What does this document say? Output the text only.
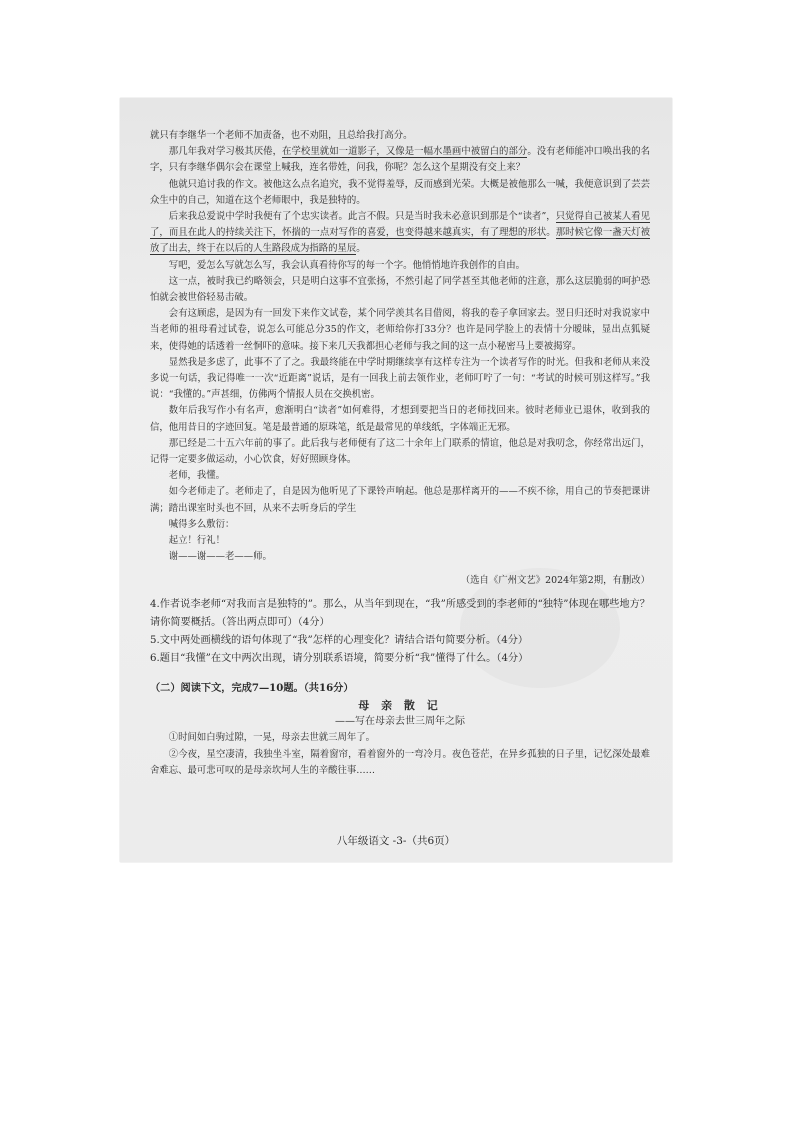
就只有李继华一个老师不加责备，也不劝阻，且总给我打高分。

那几年我对学习极其厌倦，在学校里就如一道影子，又像是一幅水墨画中被留白的部分。没有老师能冲口唤出我的名字，只有李继华偶尔会在课堂上喊我，连名带姓，问我，你呢？怎么这个星期没有交上来？

他就只追讨我的作文。被他这么点名追究，我不觉得羞辱，反而感到光荣。大概是被他那么一喊，我便意识到了芸芸众生中的自己，知道在这个老师眼中，我是独特的。

后来我总爱说中学时我便有了个忠实读者。此言不假。只是当时我未必意识到那是个“读者”，只觉得自己被某人看见了，而且在此人的持续关注下，怀揣的一点对写作的喜爱，也变得越来越真实，有了理想的形状。那时候它像一盏天灯被放了出去，终于在以后的人生路段成为指路的星辰。

写吧，爱怎么写就怎么写，我会认真看待你写的每一个字。他悄悄地许我创作的自由。

这一点，被时我已约略领会，只是明白这事不宜张扬，不然引起了同学甚至其他老师的注意，那么这层脆弱的呵护恐怕就会被世俗轻易击破。

会有这顾虑，是因为有一回发下来作文试卷，某个同学羡其名目借阅，将我的卷子拿回家去。翌日归还时对我说家中当老师的祖母看过试卷，说怎么可能总分35的作文，老师给你打33分？也许是同学脸上的表情十分暧昧，显出点狐疑来，使得她的话透着一丝恫吓的意味。接下来几天我都担心老师与我之间的这一点小秘密马上要被揭穿。

显然我是多虑了，此事不了了之。我最终能在中学时期继续享有这样专注为一个读者写作的时光。但我和老师从来没多说一句话，我记得唯一一次“近距离”说话，是有一回我上前去领作业，老师叮咛了一句：“考试的时候可别这样写。”我说：“我懂的。”声甚细，仿佛两个情报人员在交换机密。

数年后我写作小有名声，愈渐明白“读者”如何难得，才想到要把当日的老师找回来。彼时老师业已退休，收到我的信，他用昔日的字迹回复。笔是最普通的原珠笔，纸是最常见的单线纸，字体端正无邪。

那已经是二十五六年前的事了。此后我与老师便有了这二十余年上门联系的情谊，他总是对我叨念，你经常出远门，记得一定要多做运动，小心饮食，好好照顾身体。

老师，我懂。

如今老师走了。老师走了，自是因为他听见了下课铃声响起。他总是那样离开的——不疾不徐，用自己的节奏把课讲满；踏出课室时头也不回，从来不去听身后的学生

喊得多么敷衍：

起立！行礼！

谢——谢——老——师。

（选自《广州文艺》2024年第2期，有删改）

4.作者说李老师“对我而言是独特的”。那么，从当年到现在，“我”所感受到的李老师的“独特”体现在哪些地方？请你简要概括。（答出两点即可）（4分）

5.文中两处画横线的语句体现了“我”怎样的心理变化？请结合语句简要分析。（4分）

6.题目“我懂”在文中两次出现，请分别联系语境，简要分析“我”懂得了什么。（4分）

（二）阅读下文，完成7—10题。（共16分）
母 亲 散 记
——写在母亲去世三周年之际

①时间如白驹过隙，一晃，母亲去世就三周年了。

②今夜，星空凄清，我独坐斗室，隔着窗帘，看着窗外的一弯冷月。夜色苍茫，在异乡孤独的日子里，记忆深处最难舍难忘、最可悲可叹的是母亲坎坷人生的辛酸往事……

八年级语文 -3-（共6页）
